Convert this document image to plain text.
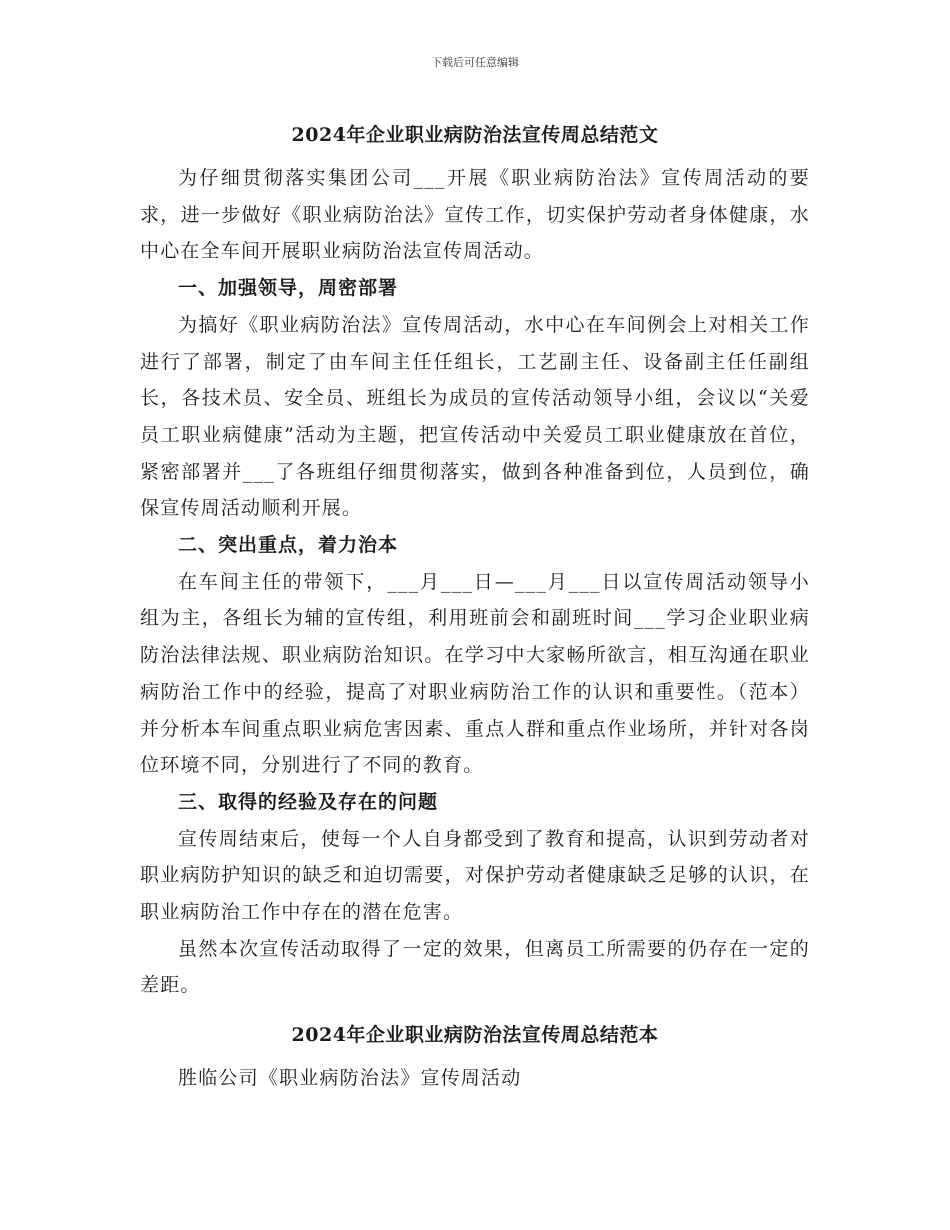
下载后可任意编辑
2024年企业职业病防治法宣传周总结范文

为仔细贯彻落实集团公司___开展《职业病防治法》宣传周活动的要求，进一步做好《职业病防治法》宣传工作，切实保护劳动者身体健康，水中心在全车间开展职业病防治法宣传周活动。

一、加强领导，周密部署

为搞好《职业病防治法》宣传周活动，水中心在车间例会上对相关工作进行了部署，制定了由车间主任任组长，工艺副主任、设备副主任任副组长，各技术员、安全员、班组长为成员的宣传活动领导小组，会议以“关爱员工职业病健康”活动为主题，把宣传活动中关爱员工职业健康放在首位，紧密部署并___了各班组仔细贯彻落实，做到各种准备到位，人员到位，确保宣传周活动顺利开展。

二、突出重点，着力治本

在车间主任的带领下，___月___日—___月___日以宣传周活动领导小组为主，各组长为辅的宣传组，利用班前会和副班时间___学习企业职业病防治法律法规、职业病防治知识。在学习中大家畅所欲言，相互沟通在职业病防治工作中的经验，提高了对职业病防治工作的认识和重要性。（范本）并分析本车间重点职业病危害因素、重点人群和重点作业场所，并针对各岗位环境不同，分别进行了不同的教育。

三、取得的经验及存在的问题

宣传周结束后，使每一个人自身都受到了教育和提高，认识到劳动者对职业病防护知识的缺乏和迫切需要，对保护劳动者健康缺乏足够的认识，在职业病防治工作中存在的潜在危害。

虽然本次宣传活动取得了一定的效果，但离员工所需要的仍存在一定的差距。

2024年企业职业病防治法宣传周总结范本

胜临公司《职业病防治法》宣传周活动
